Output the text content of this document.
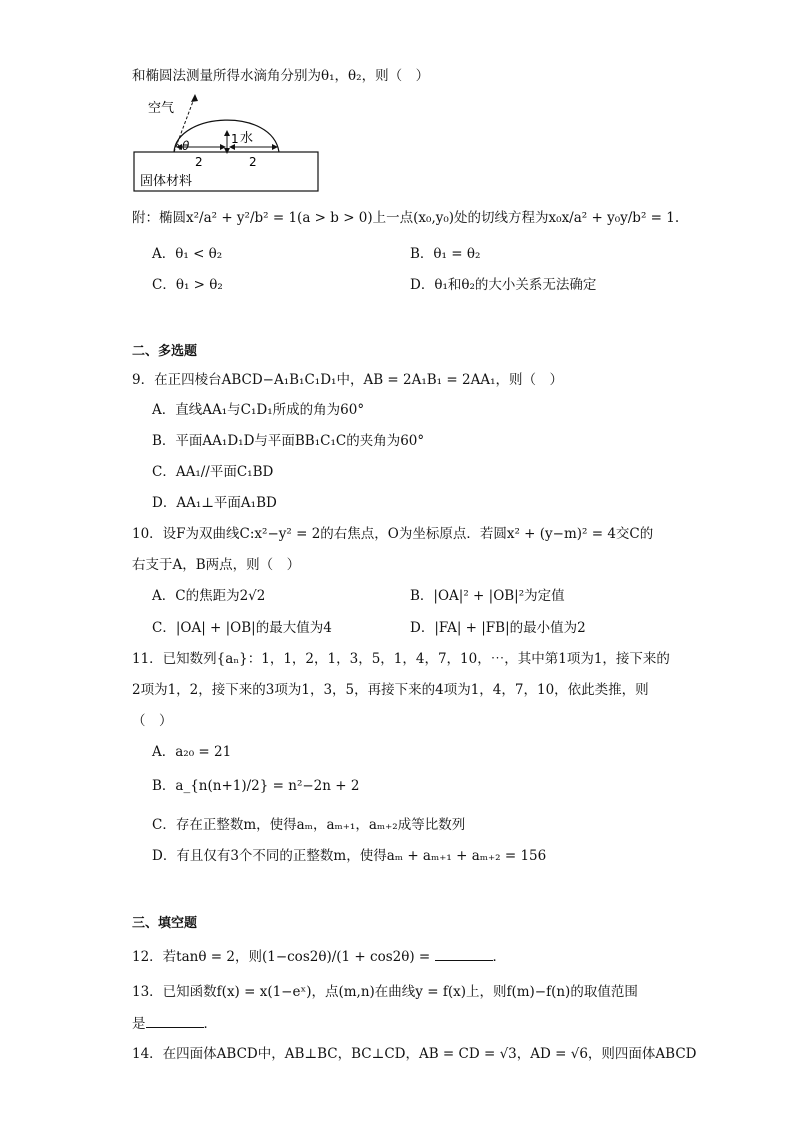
和椭圆法测量所得水滴角分别为θ₁，θ₂，则（　）
空气
水
θ	1
2	2
固体材料
附：椭圆x²/a² + y²/b² = 1(a > b > 0)上一点(x₀,y₀)处的切线方程为x₀x/a² + y₀y/b² = 1.
A．θ₁ < θ₂	B．θ₁ = θ₂
C．θ₁ > θ₂	D．θ₁和θ₂的大小关系无法确定
二、多选题
9．在正四棱台ABCD−A₁B₁C₁D₁中，AB = 2A₁B₁ = 2AA₁，则（　）
A．直线AA₁与C₁D₁所成的角为60°
B．平面AA₁D₁D与平面BB₁C₁C的夹角为60°
C．AA₁//平面C₁BD
D．AA₁⊥平面A₁BD
10．设F为双曲线C:x²−y² = 2的右焦点，O为坐标原点．若圆x² + (y−m)² = 4交C的
右支于A，B两点，则（　）
A．C的焦距为2√2	B．|OA|² + |OB|²为定值
C．|OA| + |OB|的最大值为4	D．|FA| + |FB|的最小值为2
11．已知数列{aₙ}：1，1，2，1，3，5，1，4，7，10，⋯，其中第1项为1，接下来的
2项为1，2，接下来的3项为1，3，5，再接下来的4项为1，4，7，10，依此类推，则
（　）
A．a₂₀ = 21
B．a_{n(n+1)/2} = n²−2n + 2
C．存在正整数m，使得aₘ，aₘ₊₁，aₘ₊₂成等比数列
D．有且仅有3个不同的正整数m，使得aₘ + aₘ₊₁ + aₘ₊₂ = 156
三、填空题
12．若tanθ = 2，则(1−cos2θ)/(1 + cos2θ) =	．
13．已知函数f(x) = x(1−eˣ)，点(m,n)在曲线y = f(x)上，则f(m)−f(n)的取值范围
是	．
14．在四面体ABCD中，AB⊥BC，BC⊥CD，AB = CD = √3，AD = √6，则四面体ABCD
